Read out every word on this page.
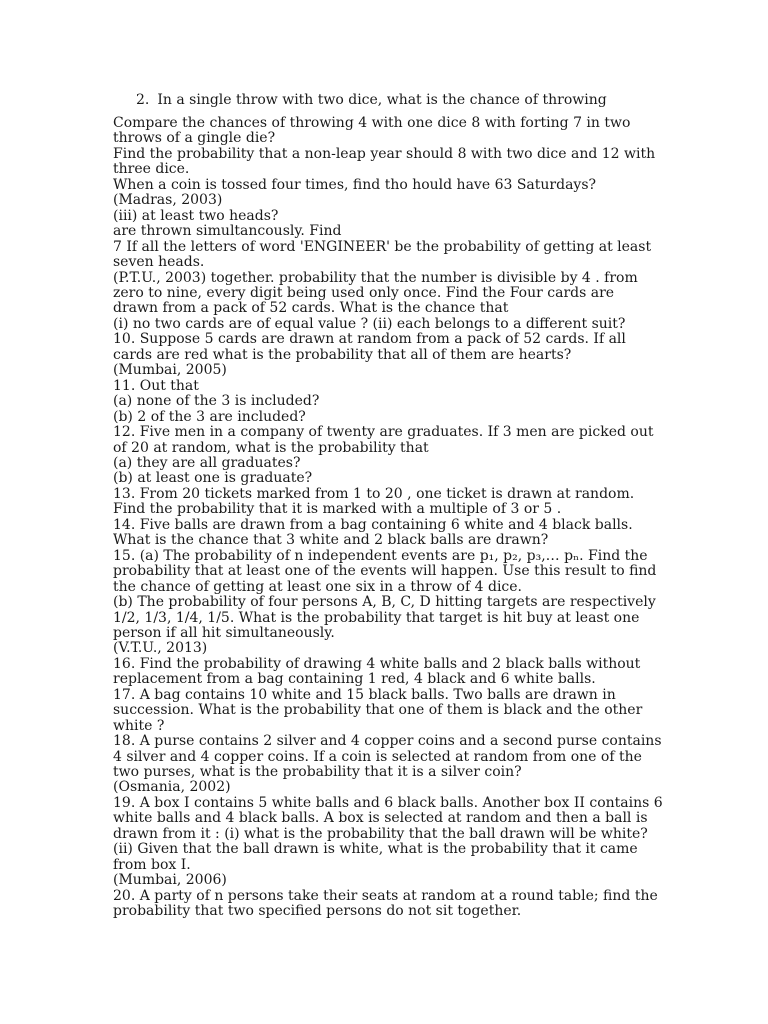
2. In a single throw with two dice, what is the chance of throwing
Compare the chances of throwing 4 with one dice 8 with forting 7 in two
throws of a gingle die?
Find the probability that a non-leap year should 8 with two dice and 12 with
three dice.
When a coin is tossed four times, find tho hould have 63 Saturdays?
(Madras, 2003)
(iii) at least two heads?
are thrown simultancously. Find
7 If all the letters of word 'ENGINEER' be the probability of getting at least
seven heads.
(P.T.U., 2003) together. probability that the number is divisible by 4 . from
zero to nine, every digit being used only once. Find the Four cards are
drawn from a pack of 52 cards. What is the chance that
(i) no two cards are of equal value ? (ii) each belongs to a different suit?
10. Suppose 5 cards are drawn at random from a pack of 52 cards. If all
cards are red what is the probability that all of them are hearts?
(Mumbai, 2005)
11. Out that
(a) none of the 3 is included?
(b) 2 of the 3 are included?
12. Five men in a company of twenty are graduates. If 3 men are picked out
of 20 at random, what is the probability that
(a) they are all graduates?
(b) at least one is graduate?
13. From 20 tickets marked from 1 to 20 , one ticket is drawn at random.
Find the probability that it is marked with a multiple of 3 or 5 .
14. Five balls are drawn from a bag containing 6 white and 4 black balls.
What is the chance that 3 white and 2 black balls are drawn?
15. (a) The probability of n independent events are p₁, p₂, p₃,… pₙ. Find the
probability that at least one of the events will happen. Use this result to find
the chance of getting at least one six in a throw of 4 dice.
(b) The probability of four persons A, B, C, D hitting targets are respectively
1/2, 1/3, 1/4, 1/5. What is the probability that target is hit buy at least one
person if all hit simultaneously.
(V.T.U., 2013)
16. Find the probability of drawing 4 white balls and 2 black balls without
replacement from a bag containing 1 red, 4 black and 6 white balls.
17. A bag contains 10 white and 15 black balls. Two balls are drawn in
succession. What is the probability that one of them is black and the other
white ?
18. A purse contains 2 silver and 4 copper coins and a second purse contains
4 silver and 4 copper coins. If a coin is selected at random from one of the
two purses, what is the probability that it is a silver coin?
(Osmania, 2002)
19. A box I contains 5 white balls and 6 black balls. Another box II contains 6
white balls and 4 black balls. A box is selected at random and then a ball is
drawn from it : (i) what is the probability that the ball drawn will be white?
(ii) Given that the ball drawn is white, what is the probability that it came
from box I.
(Mumbai, 2006)
20. A party of n persons take their seats at random at a round table; find the
probability that two specified persons do not sit together.
